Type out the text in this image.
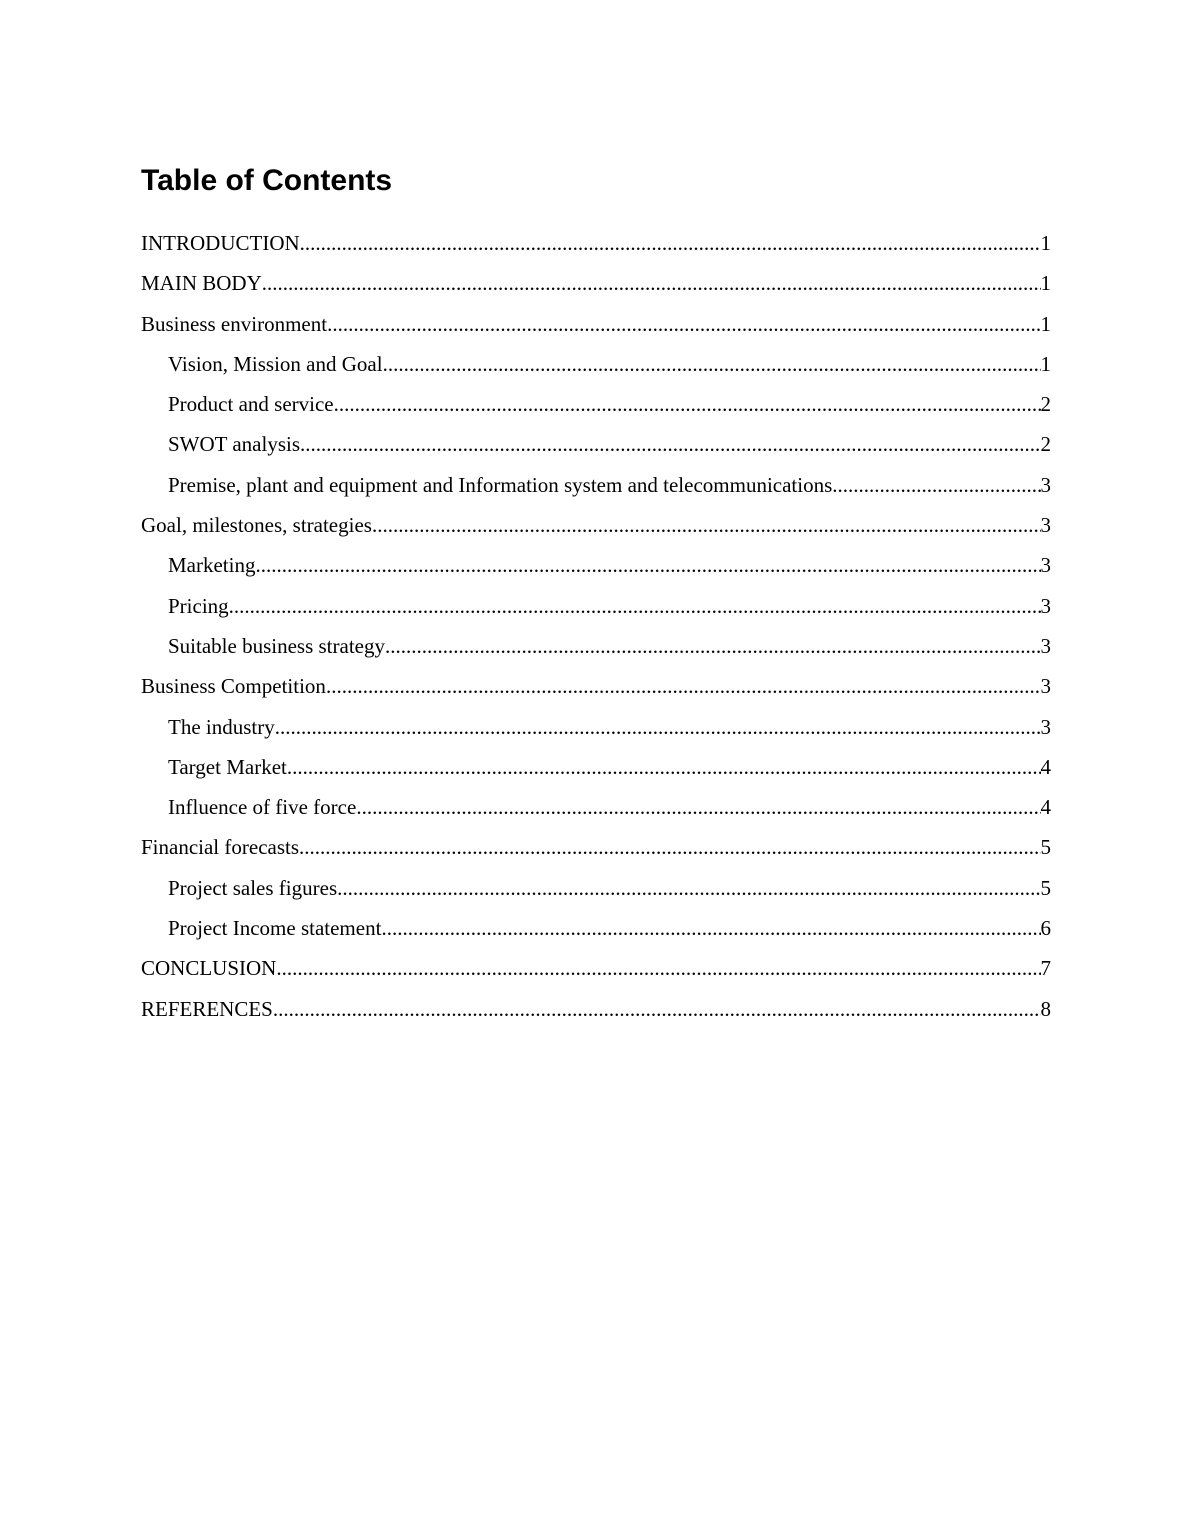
Table of Contents
INTRODUCTION .....	1
MAIN BODY .....	1
Business environment .....	1
Vision, Mission and Goal .....	1
Product and service .....	2
SWOT analysis .....	2
Premise, plant and equipment and Information system and telecommunications .....	3
Goal, milestones, strategies .....	3
Marketing .....	3
Pricing .....	3
Suitable business strategy .....	3
Business Competition .....	3
The industry .....	3
Target Market .....	4
Influence of five force .....	4
Financial forecasts .....	5
Project sales figures .....	5
Project Income statement .....	6
CONCLUSION .....	7
REFERENCES .....	8
